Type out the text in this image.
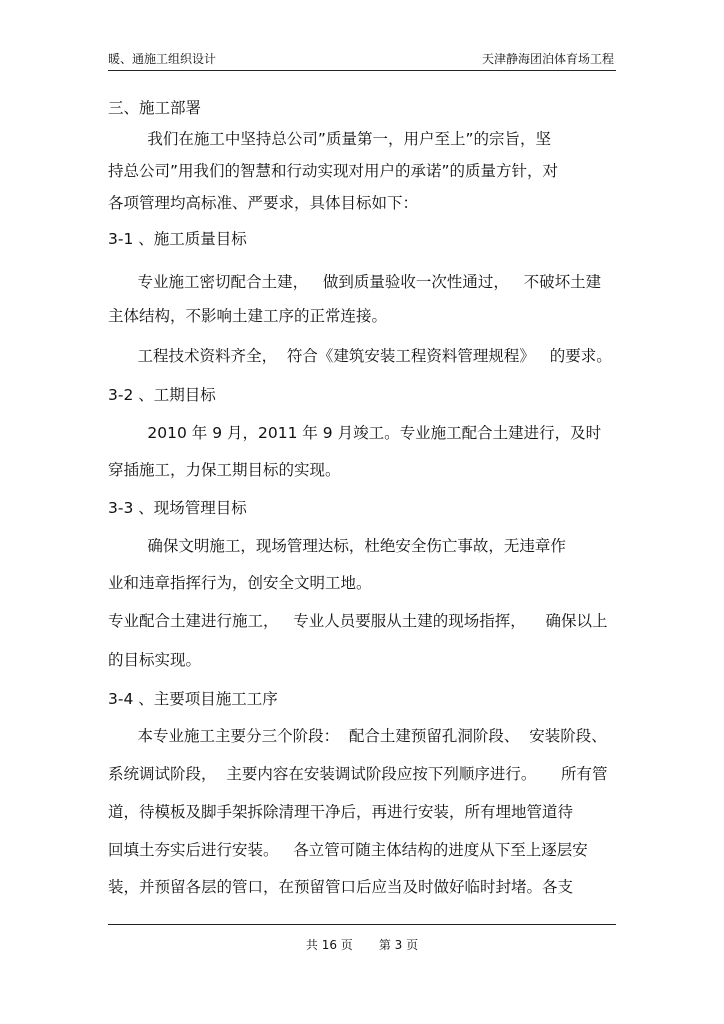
暖、通施工组织设计	天津静海团泊体育场工程
三、施工部署
我们在施工中坚持总公司”质量第一，用户至上”的宗旨，坚
持总公司”用我们的智慧和行动实现对用户的承诺”的质量方针，对
各项管理均高标准、严要求，具体目标如下：
3-1 、施工质量目标
专业施工密切配合土建，   做到质量验收一次性通过，   不破坏土建
主体结构，不影响土建工序的正常连接。
工程技术资料齐全，  符合《建筑安装工程资料管理规程》   的要求。
3-2 、工期目标
2010 年 9 月，2011 年 9 月竣工。专业施工配合土建进行，及时
穿插施工，力保工期目标的实现。
3-3 、现场管理目标
确保文明施工，现场管理达标，杜绝安全伤亡事故，无违章作
业和违章指挥行为，创安全文明工地。
专业配合土建进行施工，   专业人员要服从土建的现场指挥，    确保以上
的目标实现。
3-4 、主要项目施工工序
本专业施工主要分三个阶段：  配合土建预留孔洞阶段、  安装阶段、
系统调试阶段，  主要内容在安装调试阶段应按下列顺序进行。     所有管
道，待模板及脚手架拆除清理干净后，再进行安装，所有埋地管道待
回填土夯实后进行安装。   各立管可随主体结构的进度从下至上逐层安
装，并预留各层的管口，在预留管口后应当及时做好临时封堵。各支
共 16 页 第 3 页
